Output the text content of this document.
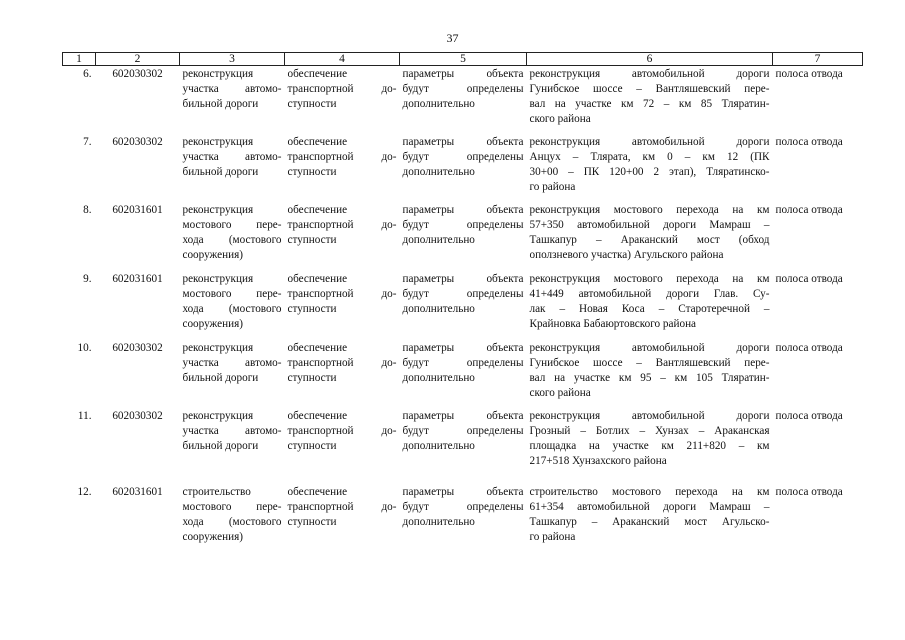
37
1	2	3	4	5	6	7
6.	602030302	реконструкция
участка автомо-
бильной дороги	обеспечение
транспортной до-
ступности	параметры объекта
будут определены
дополнительно	реконструкция автомобильной дороги
Гунибское шоссе – Вантляшевский пере-
вал на участке км 72 – км 85 Тляратин-
ского района	полоса отвода

7.	602030302	реконструкция
участка автомо-
бильной дороги	обеспечение
транспортной до-
ступности	параметры объекта
будут определены
дополнительно	реконструкция автомобильной дороги
Анцух – Тлярата, км 0 – км 12 (ПК
30+00 – ПК 120+00 2 этап), Тляратинско-
го района	полоса отвода

8.	602031601	реконструкция
мостового пере-
хода (мостового
сооружения)	обеспечение
транспортной до-
ступности	параметры объекта
будут определены
дополнительно	реконструкция мостового перехода на км
57+350 автомобильной дороги Мамраш –
Ташкапур – Араканский мост (обход
оползневого участка) Агульского района	полоса отвода

9.	602031601	реконструкция
мостового пере-
хода (мостового
сооружения)	обеспечение
транспортной до-
ступности	параметры объекта
будут определены
дополнительно	реконструкция мостового перехода на км
41+449 автомобильной дороги Глав. Су-
лак – Новая Коса – Старотеречной –
Крайновка Бабаюртовского района	полоса отвода

10.	602030302	реконструкция
участка автомо-
бильной дороги	обеспечение
транспортной до-
ступности	параметры объекта
будут определены
дополнительно	реконструкция автомобильной дороги
Гунибское шоссе – Вантляшевский пере-
вал на участке км 95 – км 105 Тляратин-
ского района	полоса отвода

11.	602030302	реконструкция
участка автомо-
бильной дороги	обеспечение
транспортной до-
ступности	параметры объекта
будут определены
дополнительно	реконструкция автомобильной дороги
Грозный – Ботлих – Хунзах – Араканская
площадка на участке км 211+820 – км
217+518 Хунзахского района	полоса отвода

12.	602031601	строительство
мостового пере-
хода (мостового
сооружения)	обеспечение
транспортной до-
ступности	параметры объекта
будут определены
дополнительно	строительство мостового перехода на км
61+354 автомобильной дороги Мамраш –
Ташкапур – Араканский мост Агульско-
го района	полоса отвода
